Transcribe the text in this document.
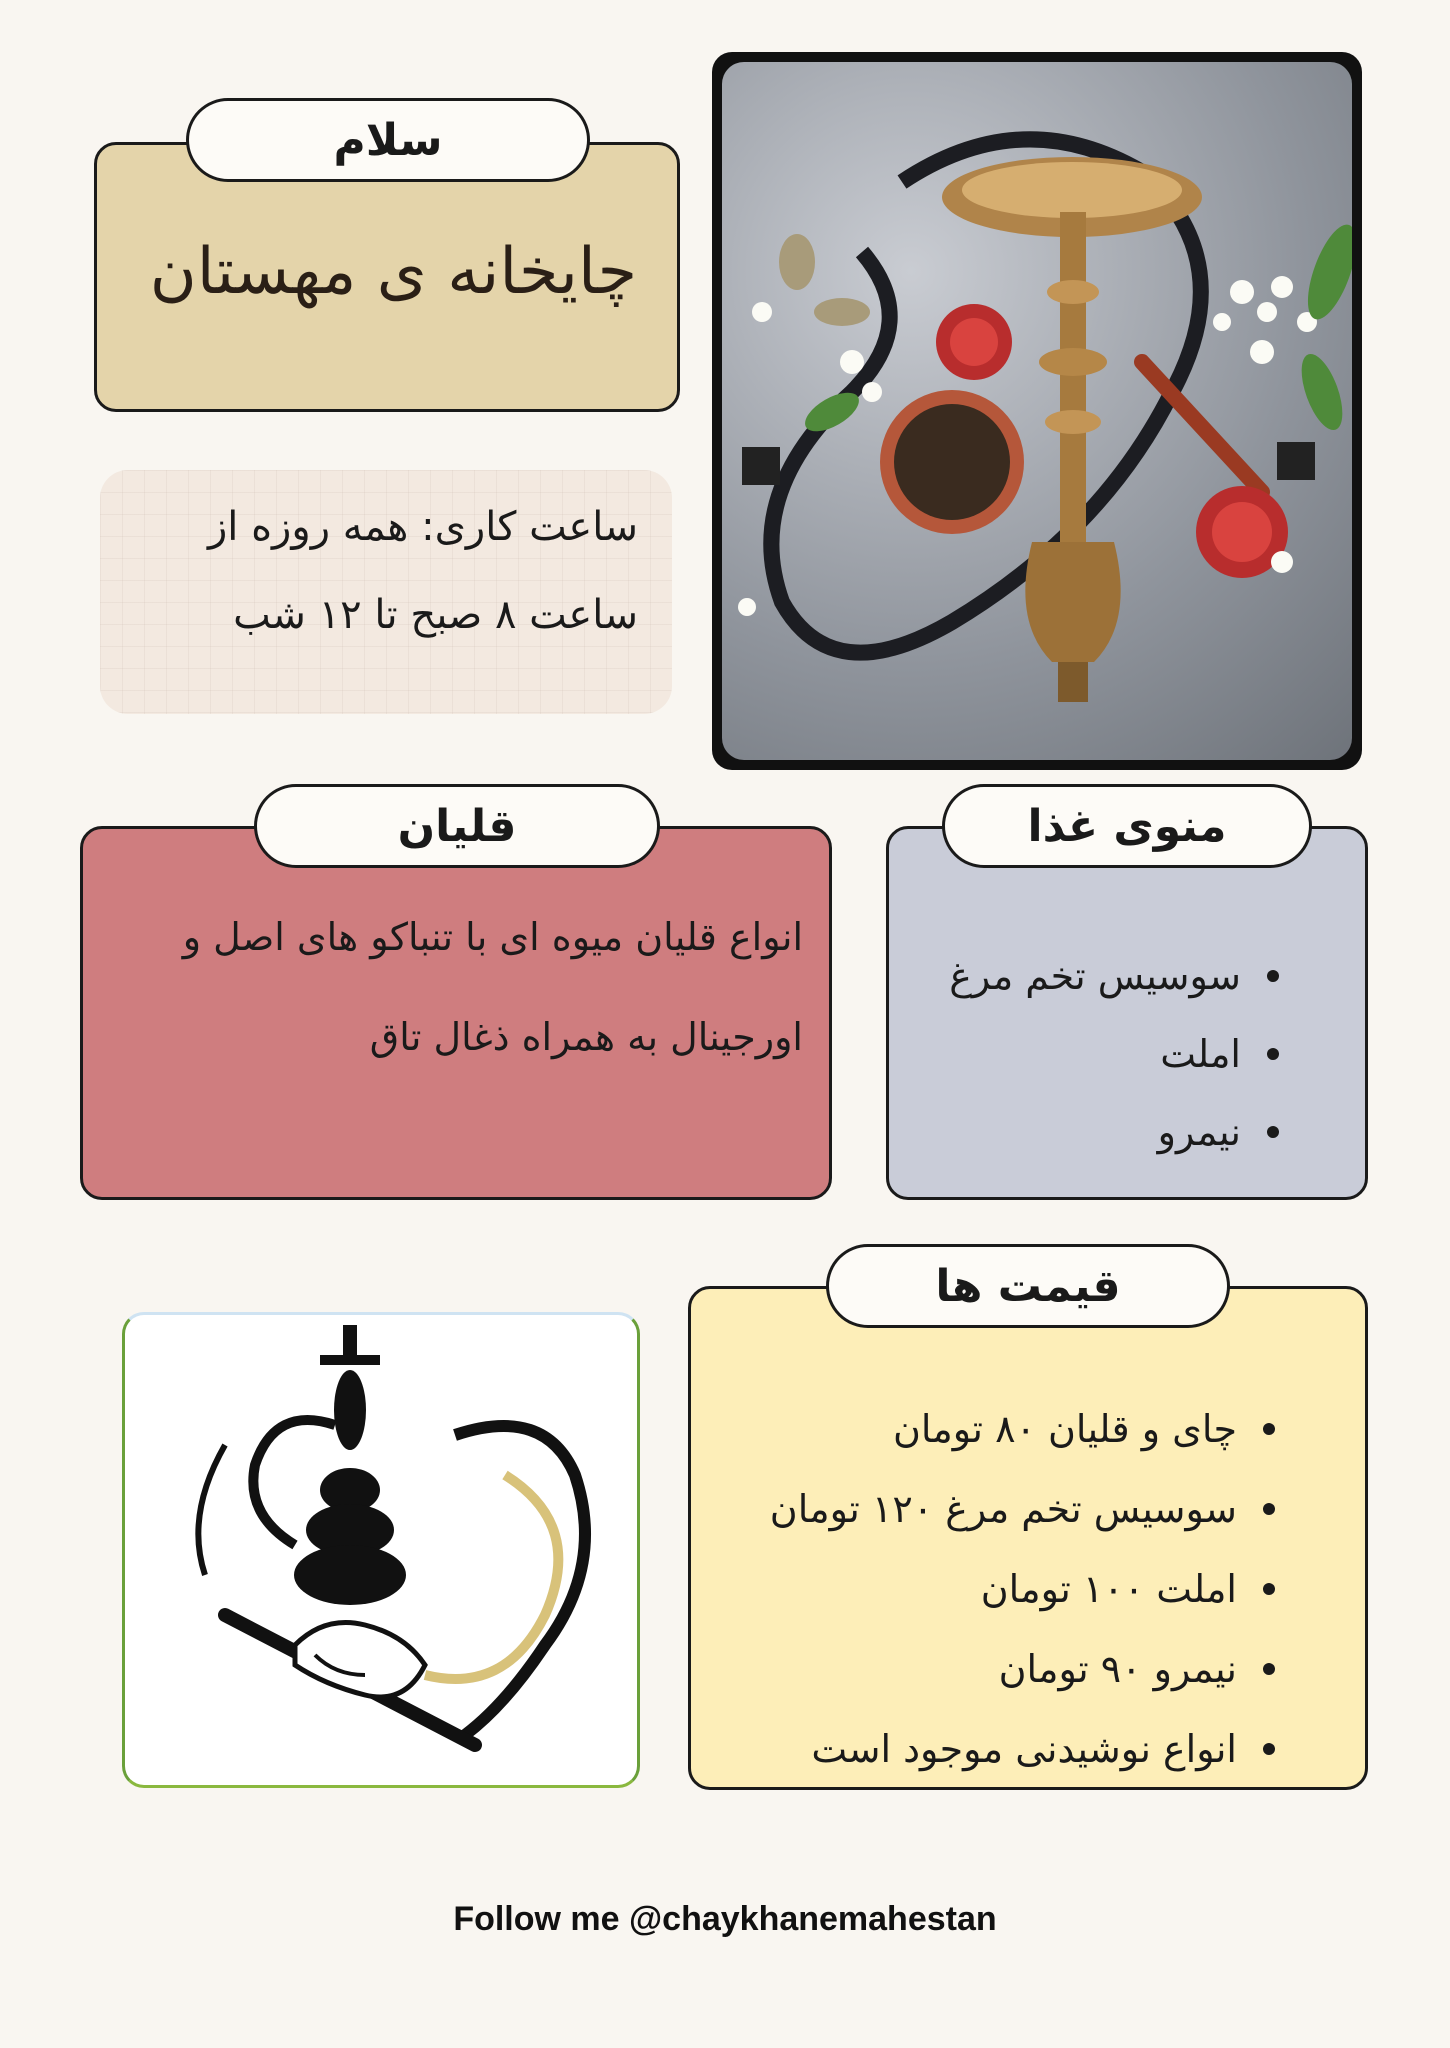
چایخانه ی مهستان
سلام
ساعت کاری: همه روزه از
ساعت ۸ صبح تا ۱۲ شب
انواع قلیان میوه ای با تنباکو های اصل و
اورجینال به همراه ذغال تاق
قلیان
سوسیس تخم مرغ
املت
نیمرو
منوی غذا
چای و قلیان ۸۰ تومان
سوسیس تخم مرغ ۱۲۰ تومان
املت ۱۰۰ تومان
نیمرو ۹۰ تومان
انواع نوشیدنی موجود است
قیمت ها
Follow me @chaykhanemahestan
